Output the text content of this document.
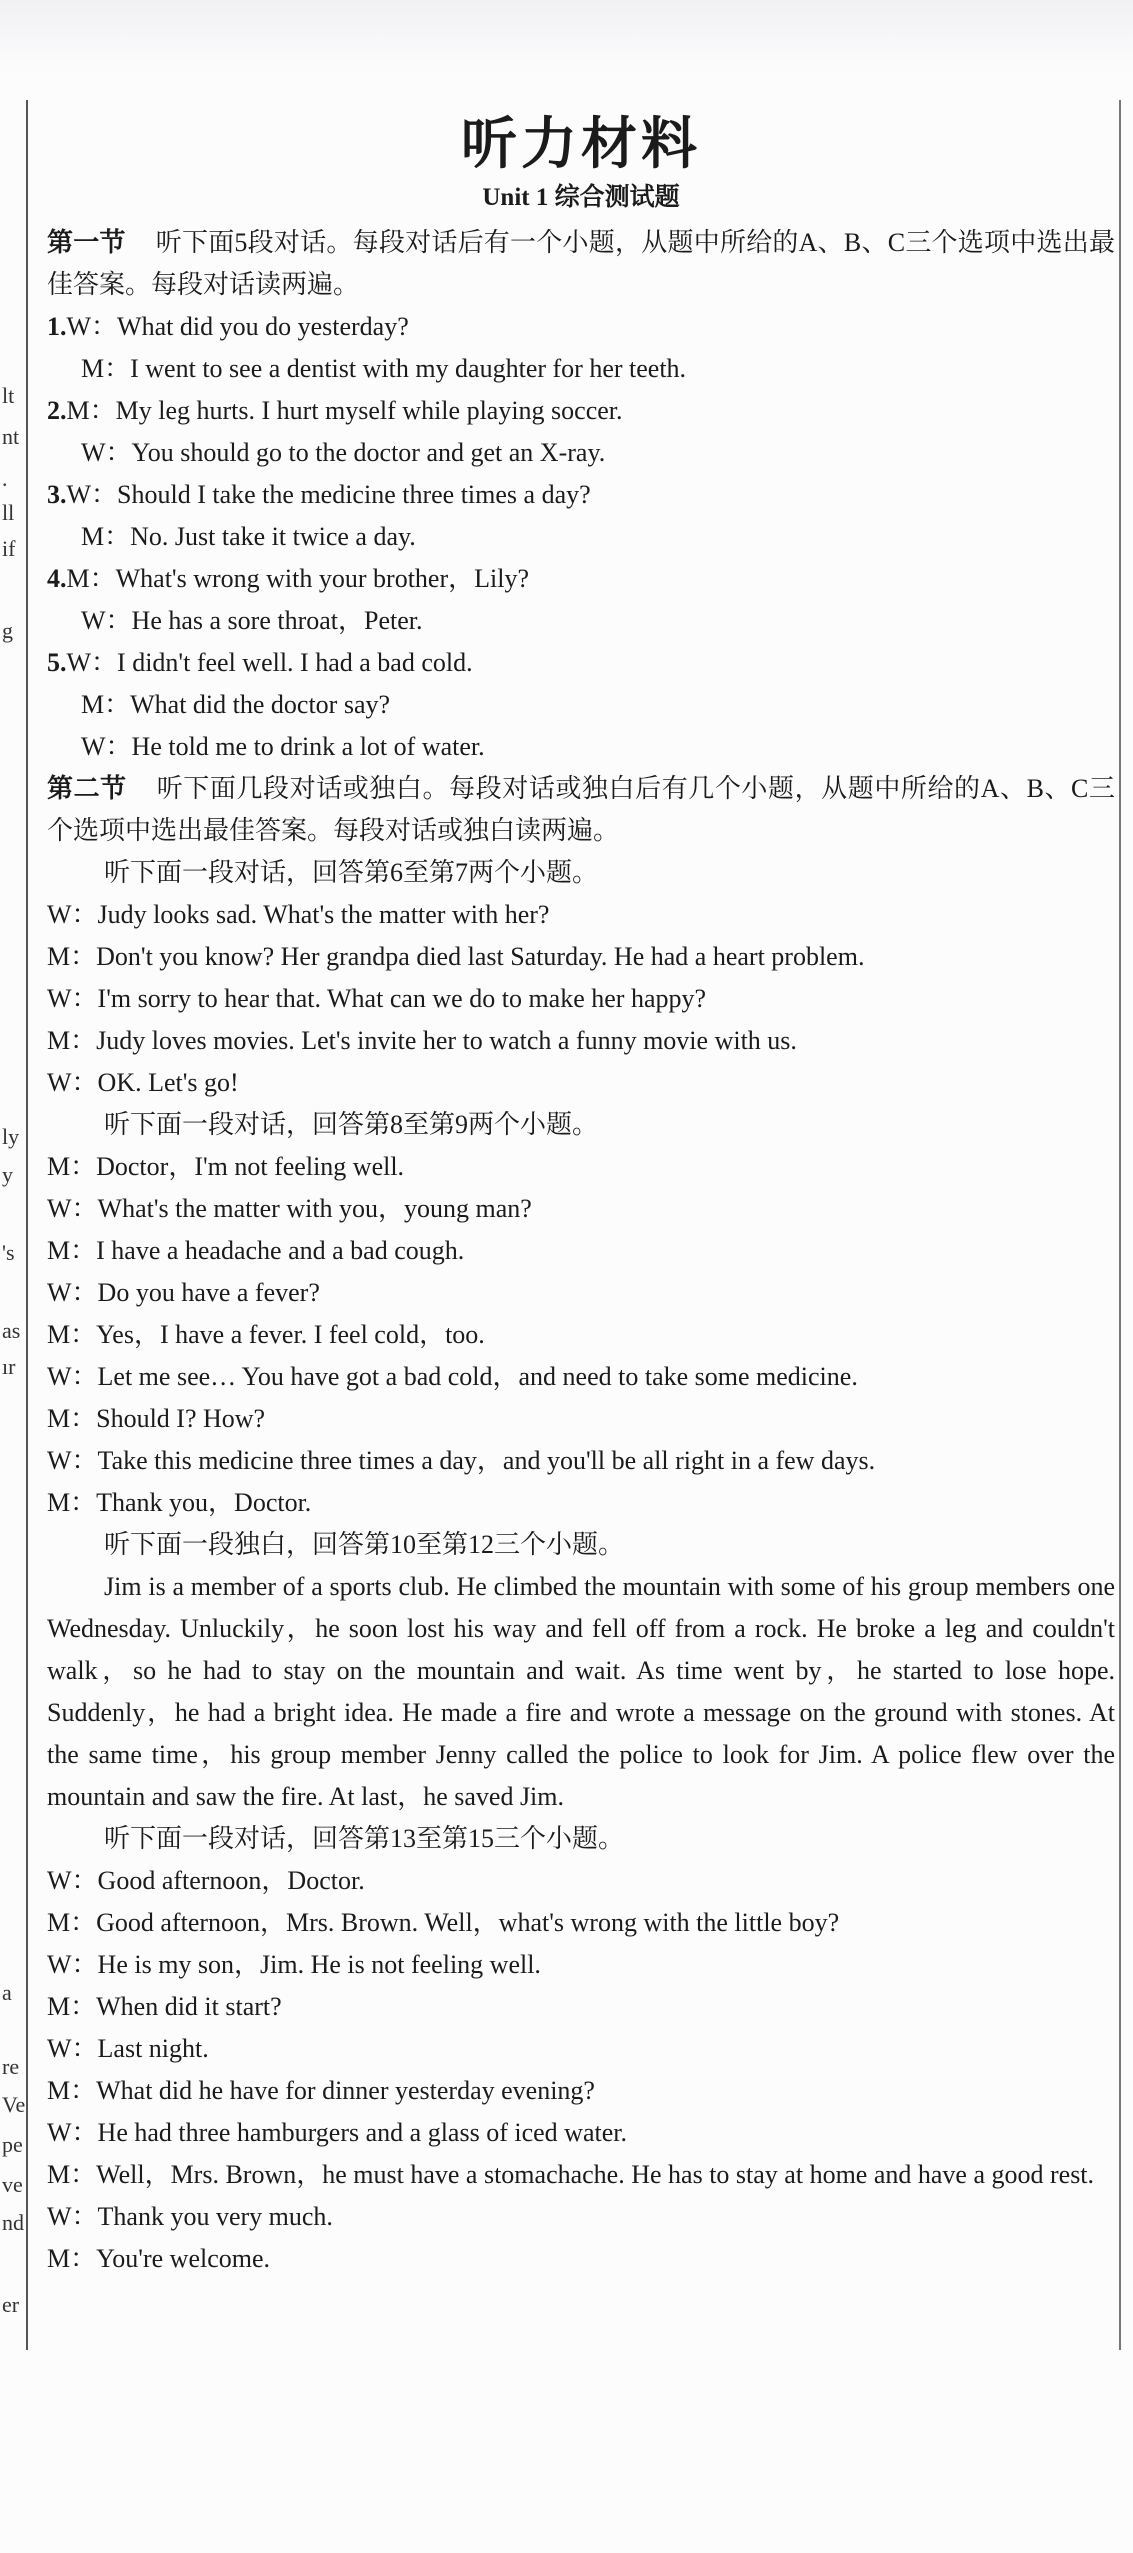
lt
nt
.
ll
if
g
ly
y
's
as
ır
a
re
Ve
pe
ve
nd
er
听力材料
Unit 1 综合测试题
第一节 听下面5段对话。每段对话后有一个小题，从题中所给的A、B、C三个选项中选出最佳答案。每段对话读两遍。
1.W：What did you do yesterday?
M：I went to see a dentist with my daughter for her teeth.
2.M：My leg hurts. I hurt myself while playing soccer.
W：You should go to the doctor and get an X-ray.
3.W：Should I take the medicine three times a day?
M：No. Just take it twice a day.
4.M：What's wrong with your brother，Lily?
W：He has a sore throat，Peter.
5.W：I didn't feel well. I had a bad cold.
M：What did the doctor say?
W：He told me to drink a lot of water.
第二节 听下面几段对话或独白。每段对话或独白后有几个小题，从题中所给的A、B、C三个选项中选出最佳答案。每段对话或独白读两遍。
听下面一段对话，回答第6至第7两个小题。
W：Judy looks sad. What's the matter with her?
M：Don't you know? Her grandpa died last Saturday. He had a heart problem.
W：I'm sorry to hear that. What can we do to make her happy?
M：Judy loves movies. Let's invite her to watch a funny movie with us.
W：OK. Let's go!
听下面一段对话，回答第8至第9两个小题。
M：Doctor，I'm not feeling well.
W：What's the matter with you，young man?
M：I have a headache and a bad cough.
W：Do you have a fever?
M：Yes，I have a fever. I feel cold，too.
W：Let me see… You have got a bad cold，and need to take some medicine.
M：Should I? How?
W：Take this medicine three times a day，and you'll be all right in a few days.
M：Thank you，Doctor.
听下面一段独白，回答第10至第12三个小题。
Jim is a member of a sports club. He climbed the mountain with some of his group members one Wednesday. Unluckily，he soon lost his way and fell off from a rock. He broke a leg and couldn't walk，so he had to stay on the mountain and wait. As time went by，he started to lose hope. Suddenly，he had a bright idea. He made a fire and wrote a message on the ground with stones. At the same time，his group member Jenny called the police to look for Jim. A police flew over the mountain and saw the fire. At last，he saved Jim.
听下面一段对话，回答第13至第15三个小题。
W：Good afternoon，Doctor.
M：Good afternoon，Mrs. Brown. Well，what's wrong with the little boy?
W：He is my son，Jim. He is not feeling well.
M：When did it start?
W：Last night.
M：What did he have for dinner yesterday evening?
W：He had three hamburgers and a glass of iced water.
M：Well，Mrs. Brown，he must have a stomachache. He has to stay at home and have a good rest.
W：Thank you very much.
M：You're welcome.
